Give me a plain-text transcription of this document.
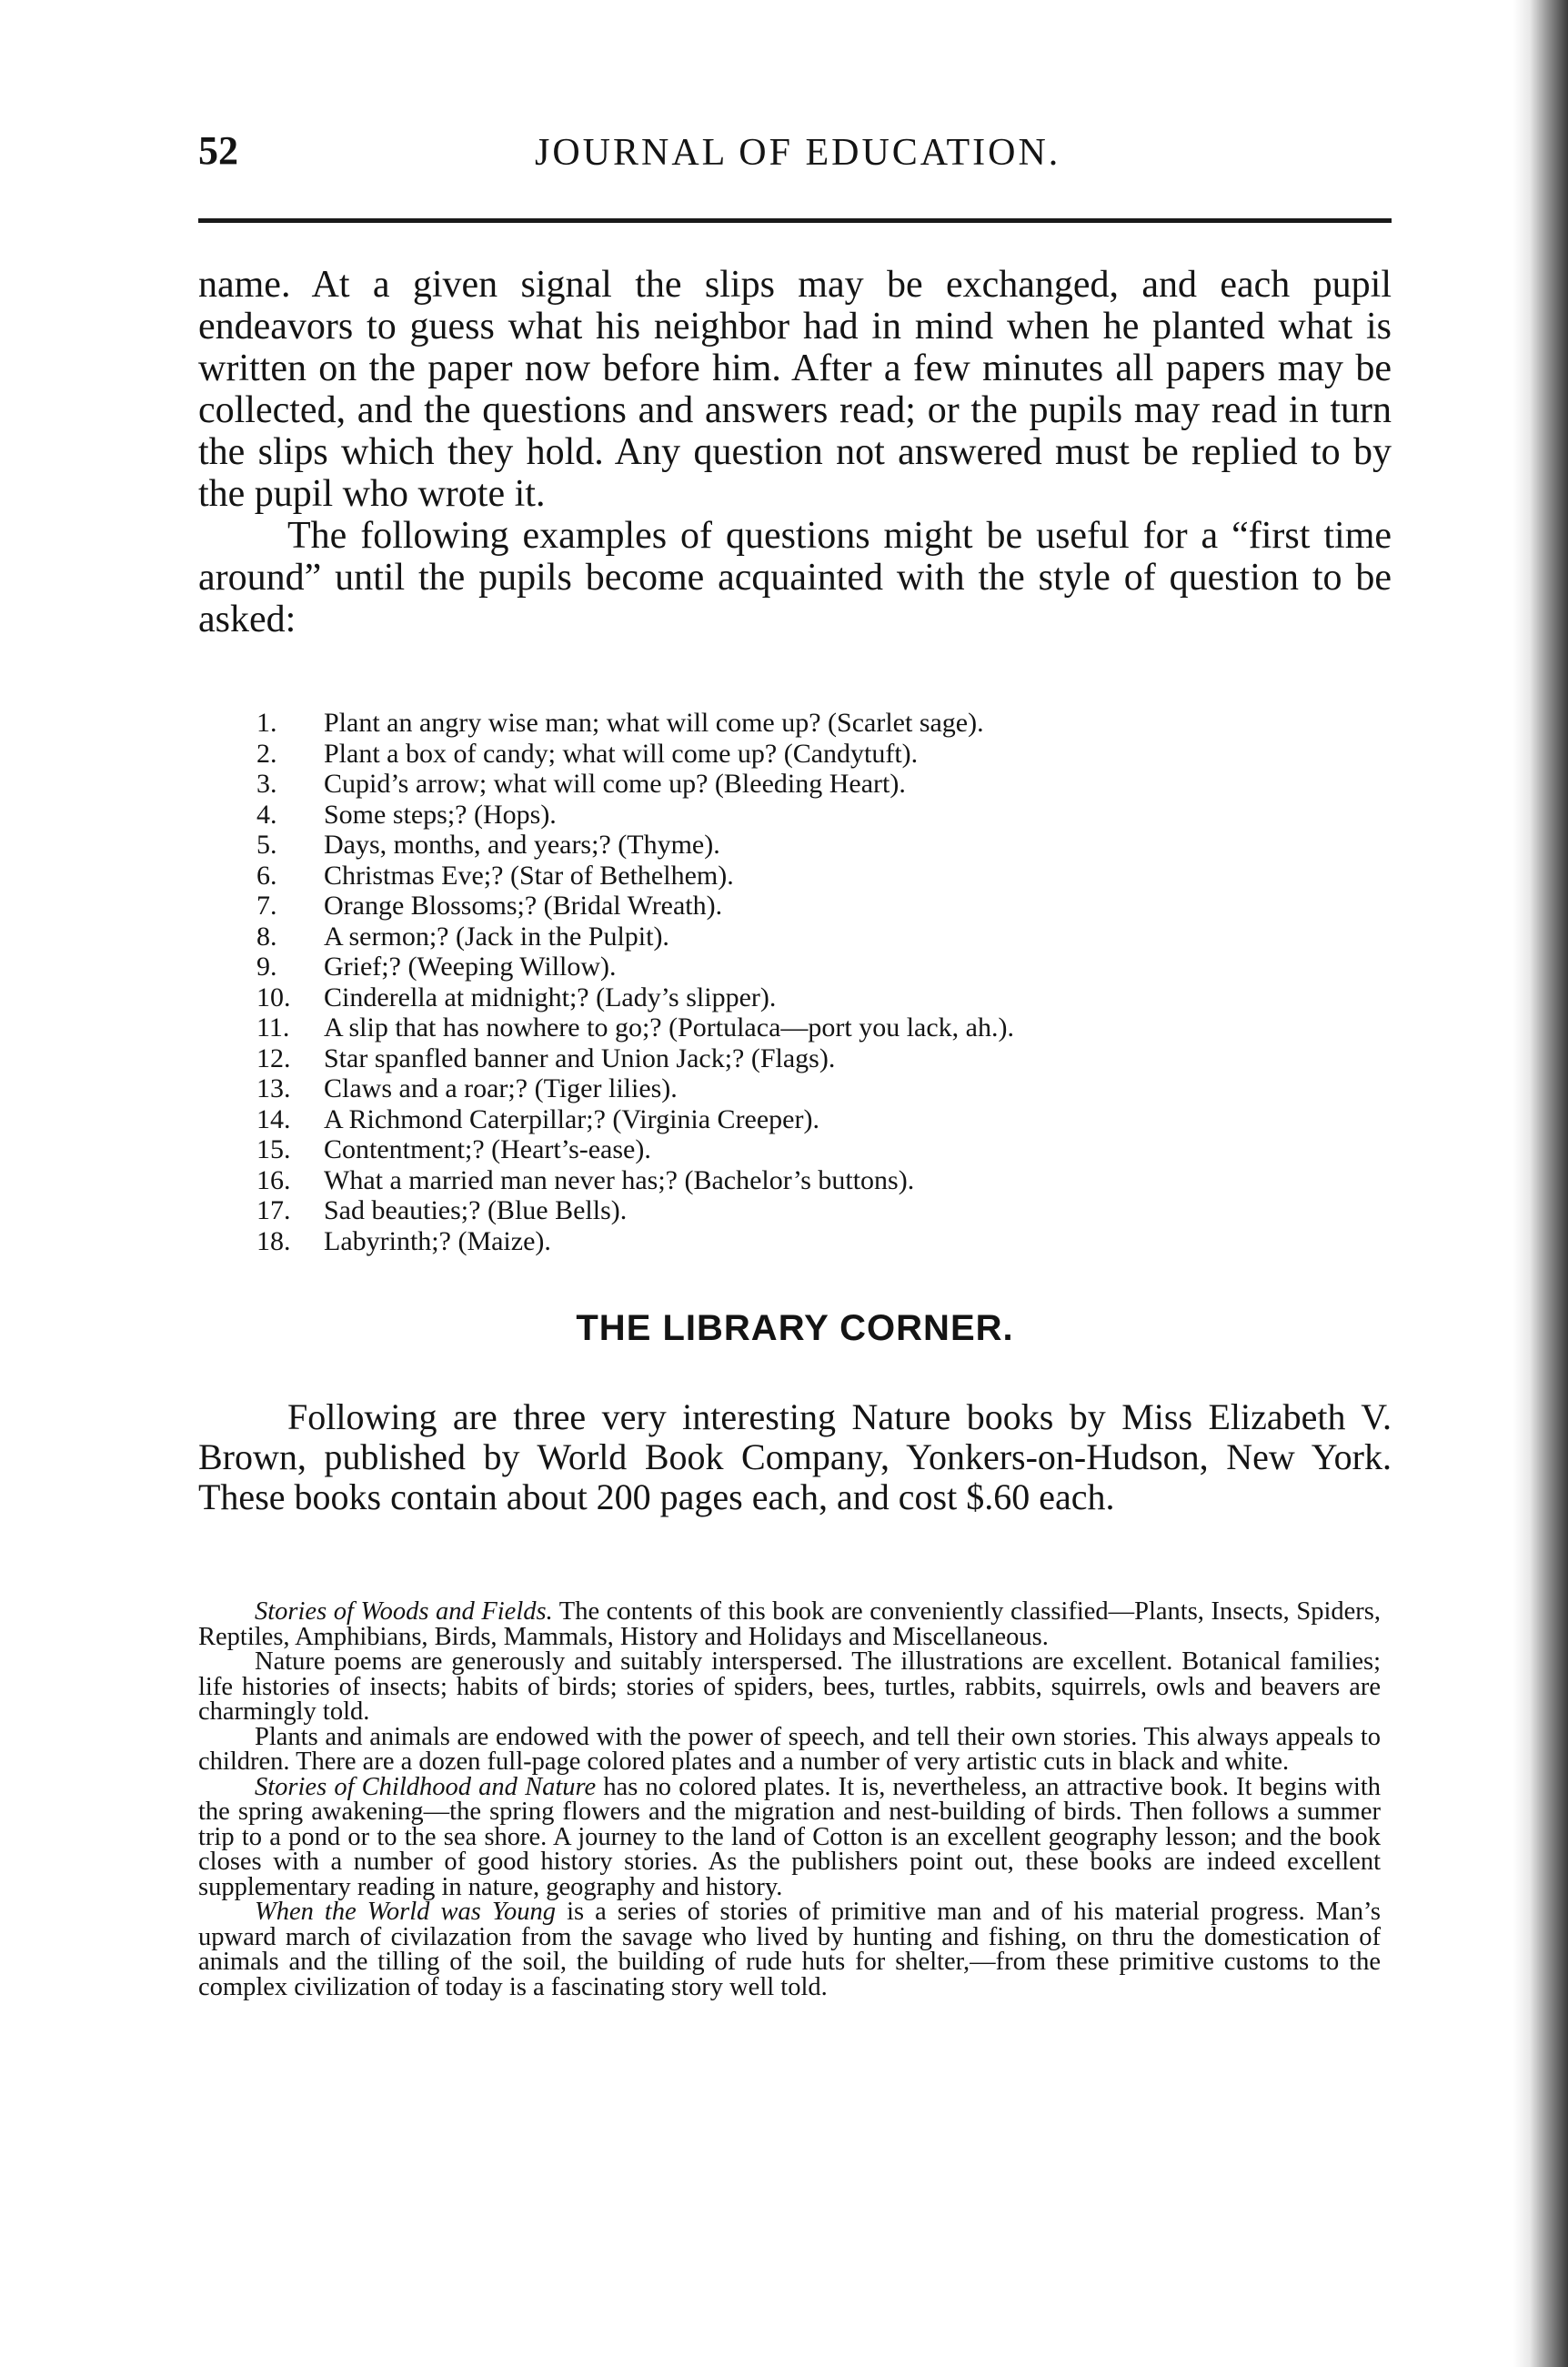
52	JOURNAL OF EDUCATION.

name. At a given signal the slips may be exchanged, and each pupil endeavors to guess what his neighbor had in mind when he planted what is written on the paper now before him. After a few minutes all papers may be collected, and the questions and answers read; or the pupils may read in turn the slips which they hold. Any question not answered must be replied to by the pupil who wrote it.

The following examples of questions might be useful for a “first time around” until the pupils become acquainted with the style of question to be asked:

1. Plant an angry wise man; what will come up? (Scarlet sage).
2. Plant a box of candy; what will come up? (Candytuft).
3. Cupid’s arrow; what will come up? (Bleeding Heart).
4. Some steps;? (Hops).
5. Days, months, and years;? (Thyme).
6. Christmas Eve;? (Star of Bethelhem).
7. Orange Blossoms;? (Bridal Wreath).
8. A sermon;? (Jack in the Pulpit).
9. Grief;? (Weeping Willow).
10. Cinderella at midnight;? (Lady’s slipper).
11. A slip that has nowhere to go;? (Portulaca—port you lack, ah.).
12. Star spanfled banner and Union Jack;? (Flags).
13. Claws and a roar;? (Tiger lilies).
14. A Richmond Caterpillar;? (Virginia Creeper).
15. Contentment;? (Heart’s-ease).
16. What a married man never has;? (Bachelor’s buttons).
17. Sad beauties;? (Blue Bells).
18. Labyrinth;? (Maize).
THE LIBRARY CORNER.

Following are three very interesting Nature books by Miss Elizabeth V. Brown, published by World Book Company, Yonkers-on-Hudson, New York. These books contain about 200 pages each, and cost $.60 each.

Stories of Woods and Fields. The contents of this book are conveniently classified—Plants, Insects, Spiders, Reptiles, Amphibians, Birds, Mammals, History and Holidays and Miscellaneous.

Nature poems are generously and suitably interspersed. The illustrations are excellent. Botanical families; life histories of insects; habits of birds; stories of spiders, bees, turtles, rabbits, squirrels, owls and beavers are charmingly told.

Plants and animals are endowed with the power of speech, and tell their own stories. This always appeals to children. There are a dozen full-page colored plates and a number of very artistic cuts in black and white.

Stories of Childhood and Nature has no colored plates. It is, nevertheless, an attractive book. It begins with the spring awakening—the spring flowers and the migration and nest-building of birds. Then follows a summer trip to a pond or to the sea shore. A journey to the land of Cotton is an excellent geography lesson; and the book closes with a number of good history stories. As the publishers point out, these books are indeed excellent supplementary reading in nature, geography and history.

When the World was Young is a series of stories of primitive man and of his material progress. Man’s upward march of civilazation from the savage who lived by hunting and fishing, on thru the domestication of animals and the tilling of the soil, the building of rude huts for shelter,—from these primitive customs to the complex civilization of today is a fascinating story well told.
